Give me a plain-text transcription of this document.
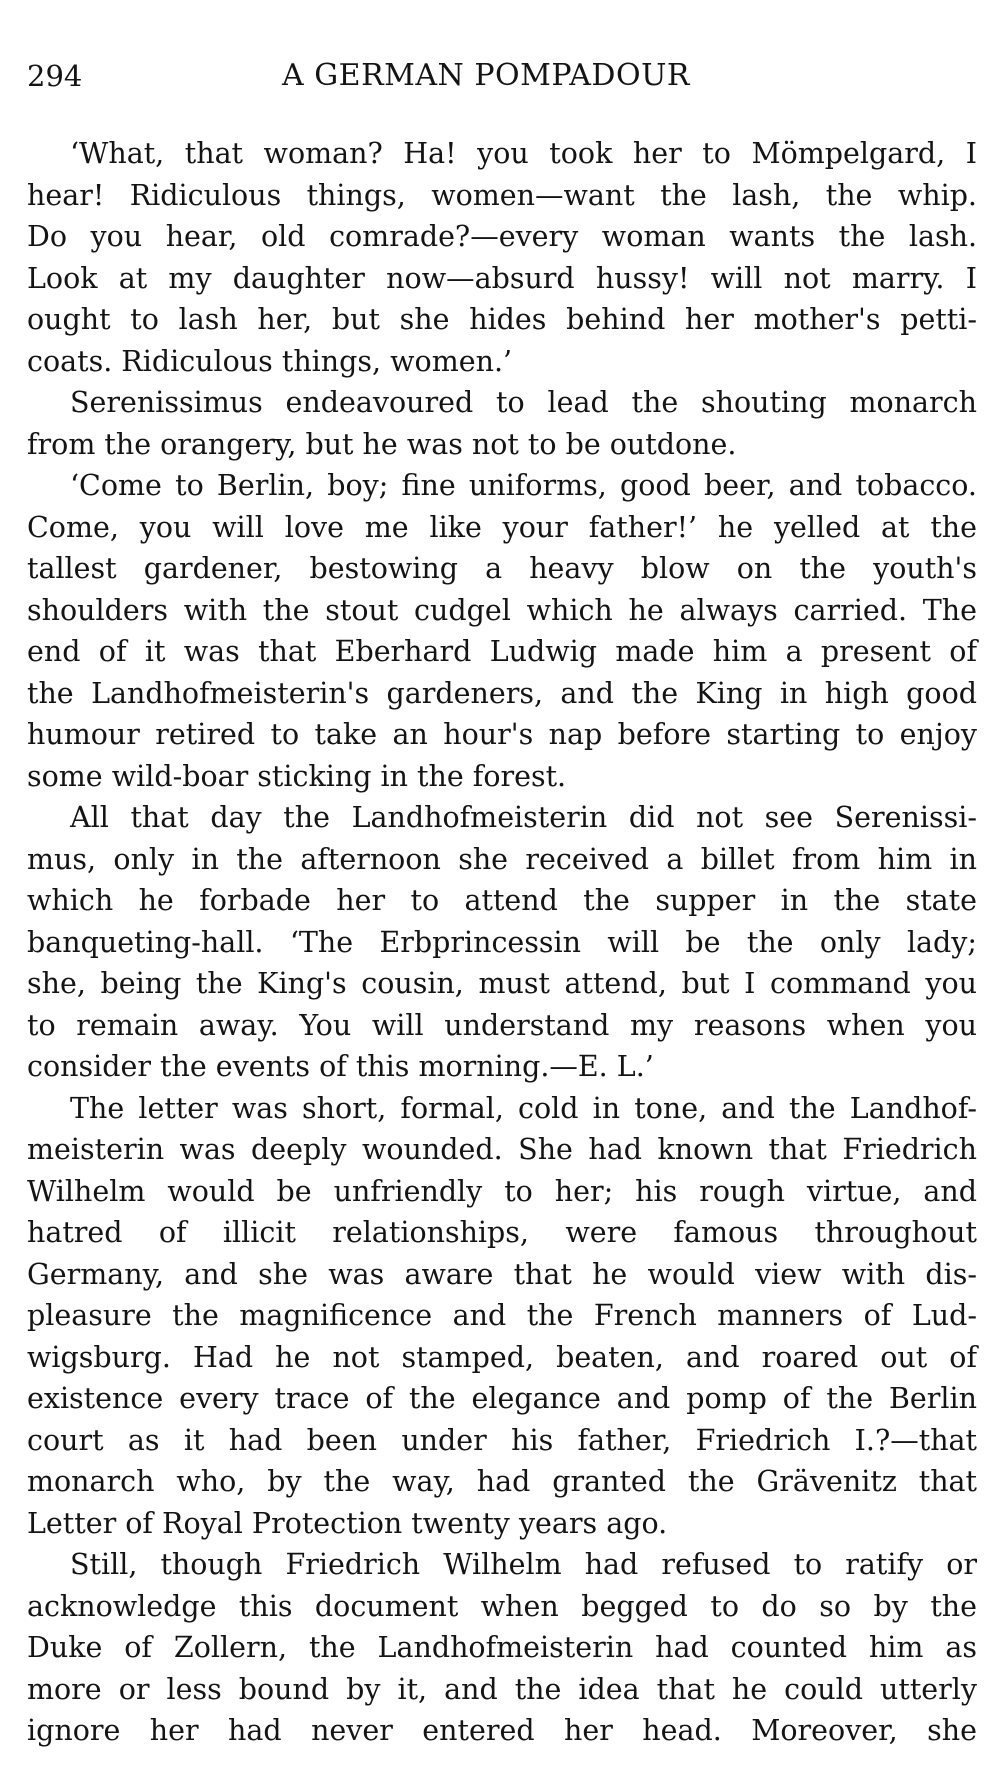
294	A GERMAN POMPADOUR
‘What, that woman? Ha! you took her to Mömpelgard, I
hear! Ridiculous things, women—want the lash, the whip.
Do you hear, old comrade?—every woman wants the lash.
Look at my daughter now—absurd hussy! will not marry. I
ought to lash her, but she hides behind her mother's petti-
coats. Ridiculous things, women.’
Serenissimus endeavoured to lead the shouting monarch
from the orangery, but he was not to be outdone.
‘Come to Berlin, boy; fine uniforms, good beer, and tobacco.
Come, you will love me like your father!’ he yelled at the
tallest gardener, bestowing a heavy blow on the youth's
shoulders with the stout cudgel which he always carried. The
end of it was that Eberhard Ludwig made him a present of
the Landhofmeisterin's gardeners, and the King in high good
humour retired to take an hour's nap before starting to enjoy
some wild-boar sticking in the forest.
All that day the Landhofmeisterin did not see Serenissi-
mus, only in the afternoon she received a billet from him in
which he forbade her to attend the supper in the state
banqueting-hall. ‘The Erbprincessin will be the only lady;
she, being the King's cousin, must attend, but I command you
to remain away. You will understand my reasons when you
consider the events of this morning.—E. L.’
The letter was short, formal, cold in tone, and the Landhof-
meisterin was deeply wounded. She had known that Friedrich
Wilhelm would be unfriendly to her; his rough virtue, and
hatred of illicit relationships, were famous throughout
Germany, and she was aware that he would view with dis-
pleasure the magnificence and the French manners of Lud-
wigsburg. Had he not stamped, beaten, and roared out of
existence every trace of the elegance and pomp of the Berlin
court as it had been under his father, Friedrich I.?—that
monarch who, by the way, had granted the Grävenitz that
Letter of Royal Protection twenty years ago.
Still, though Friedrich Wilhelm had refused to ratify or
acknowledge this document when begged to do so by the
Duke of Zollern, the Landhofmeisterin had counted him as
more or less bound by it, and the idea that he could utterly
ignore her had never entered her head. Moreover, she
